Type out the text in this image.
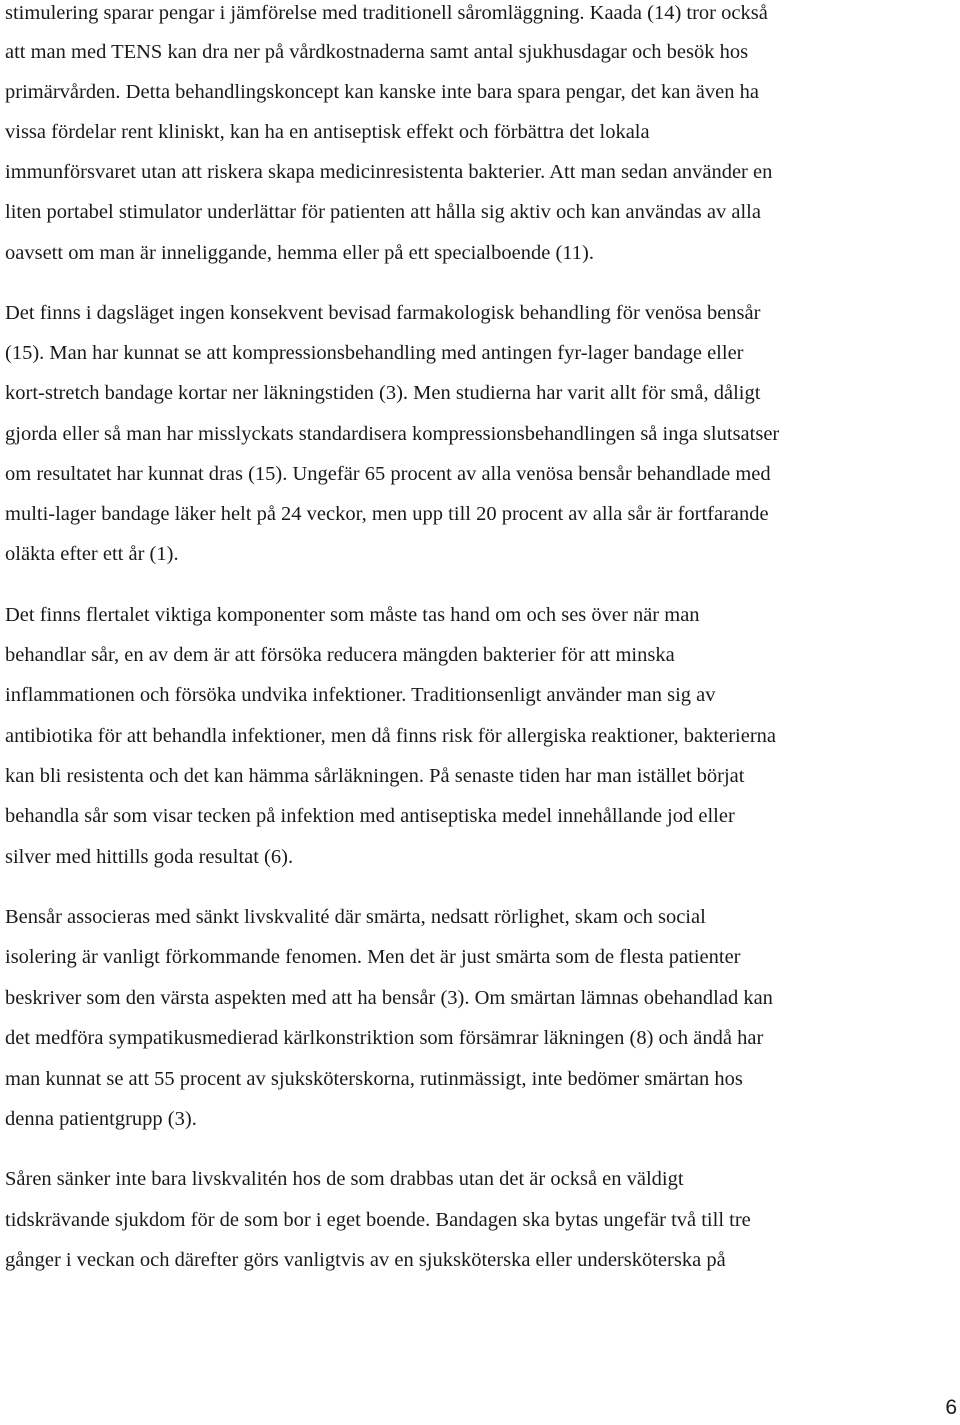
stimulering sparar pengar i jämförelse med traditionell såromläggning. Kaada (14) tror också
att man med TENS kan dra ner på vårdkostnaderna samt antal sjukhusdagar och besök hos
primärvården. Detta behandlingskoncept kan kanske inte bara spara pengar, det kan även ha
vissa fördelar rent kliniskt, kan ha en antiseptisk effekt och förbättra det lokala
immunförsvaret utan att riskera skapa medicinresistenta bakterier. Att man sedan använder en
liten portabel stimulator underlättar för patienten att hålla sig aktiv och kan användas av alla
oavsett om man är inneliggande, hemma eller på ett specialboende (11).
Det finns i dagsläget ingen konsekvent bevisad farmakologisk behandling för venösa bensår
(15). Man har kunnat se att kompressionsbehandling med antingen fyr-lager bandage eller
kort-stretch bandage kortar ner läkningstiden (3). Men studierna har varit allt för små, dåligt
gjorda eller så man har misslyckats standardisera kompressionsbehandlingen så inga slutsatser
om resultatet har kunnat dras (15). Ungefär 65 procent av alla venösa bensår behandlade med
multi-lager bandage läker helt på 24 veckor, men upp till 20 procent av alla sår är fortfarande
oläkta efter ett år (1).
Det finns flertalet viktiga komponenter som måste tas hand om och ses över när man
behandlar sår, en av dem är att försöka reducera mängden bakterier för att minska
inflammationen och försöka undvika infektioner. Traditionsenligt använder man sig av
antibiotika för att behandla infektioner, men då finns risk för allergiska reaktioner, bakterierna
kan bli resistenta och det kan hämma sårläkningen. På senaste tiden har man istället börjat
behandla sår som visar tecken på infektion med antiseptiska medel innehållande jod eller
silver med hittills goda resultat (6).
Bensår associeras med sänkt livskvalité där smärta, nedsatt rörlighet, skam och social
isolering är vanligt förkommande fenomen. Men det är just smärta som de flesta patienter
beskriver som den värsta aspekten med att ha bensår (3). Om smärtan lämnas obehandlad kan
det medföra sympatikusmedierad kärlkonstriktion som försämrar läkningen (8) och ändå har
man kunnat se att 55 procent av sjuksköterskorna, rutinmässigt, inte bedömer smärtan hos
denna patientgrupp (3).
Såren sänker inte bara livskvalitén hos de som drabbas utan det är också en väldigt
tidskrävande sjukdom för de som bor i eget boende. Bandagen ska bytas ungefär två till tre
gånger i veckan och därefter görs vanligtvis av en sjuksköterska eller undersköterska på
6
